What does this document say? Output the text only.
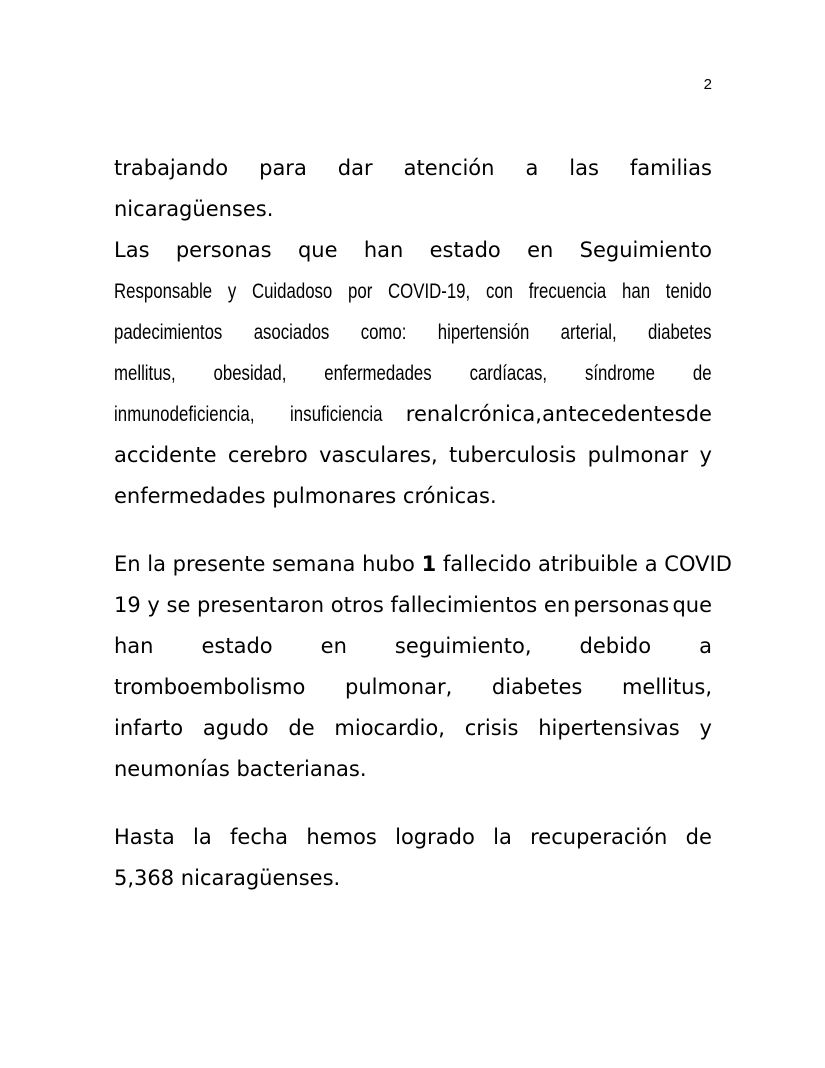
2

trabajando para dar atención a las familias
nicaragüenses.

Las personas que han estado en Seguimiento
Responsable y Cuidadoso por COVID-19, con frecuencia han tenido
padecimientos asociados como: hipertensión arterial, diabetes
mellitus, obesidad, enfermedades cardíacas, síndrome de
inmunodeficiencia, insuficiencia renal crónica, antecedentes de
accidente cerebro vasculares, tuberculosis pulmonar y
enfermedades pulmonares crónicas.

En la presente semana hubo 1 fallecido atribuible a COVID
19 y se presentaron otros fallecimientos en personas que
han estado en seguimiento, debido a
tromboembolismo pulmonar, diabetes mellitus,
infarto agudo de miocardio, crisis hipertensivas y
neumonías bacterianas.

Hasta la fecha hemos logrado la recuperación de
5,368 nicaragüenses.
